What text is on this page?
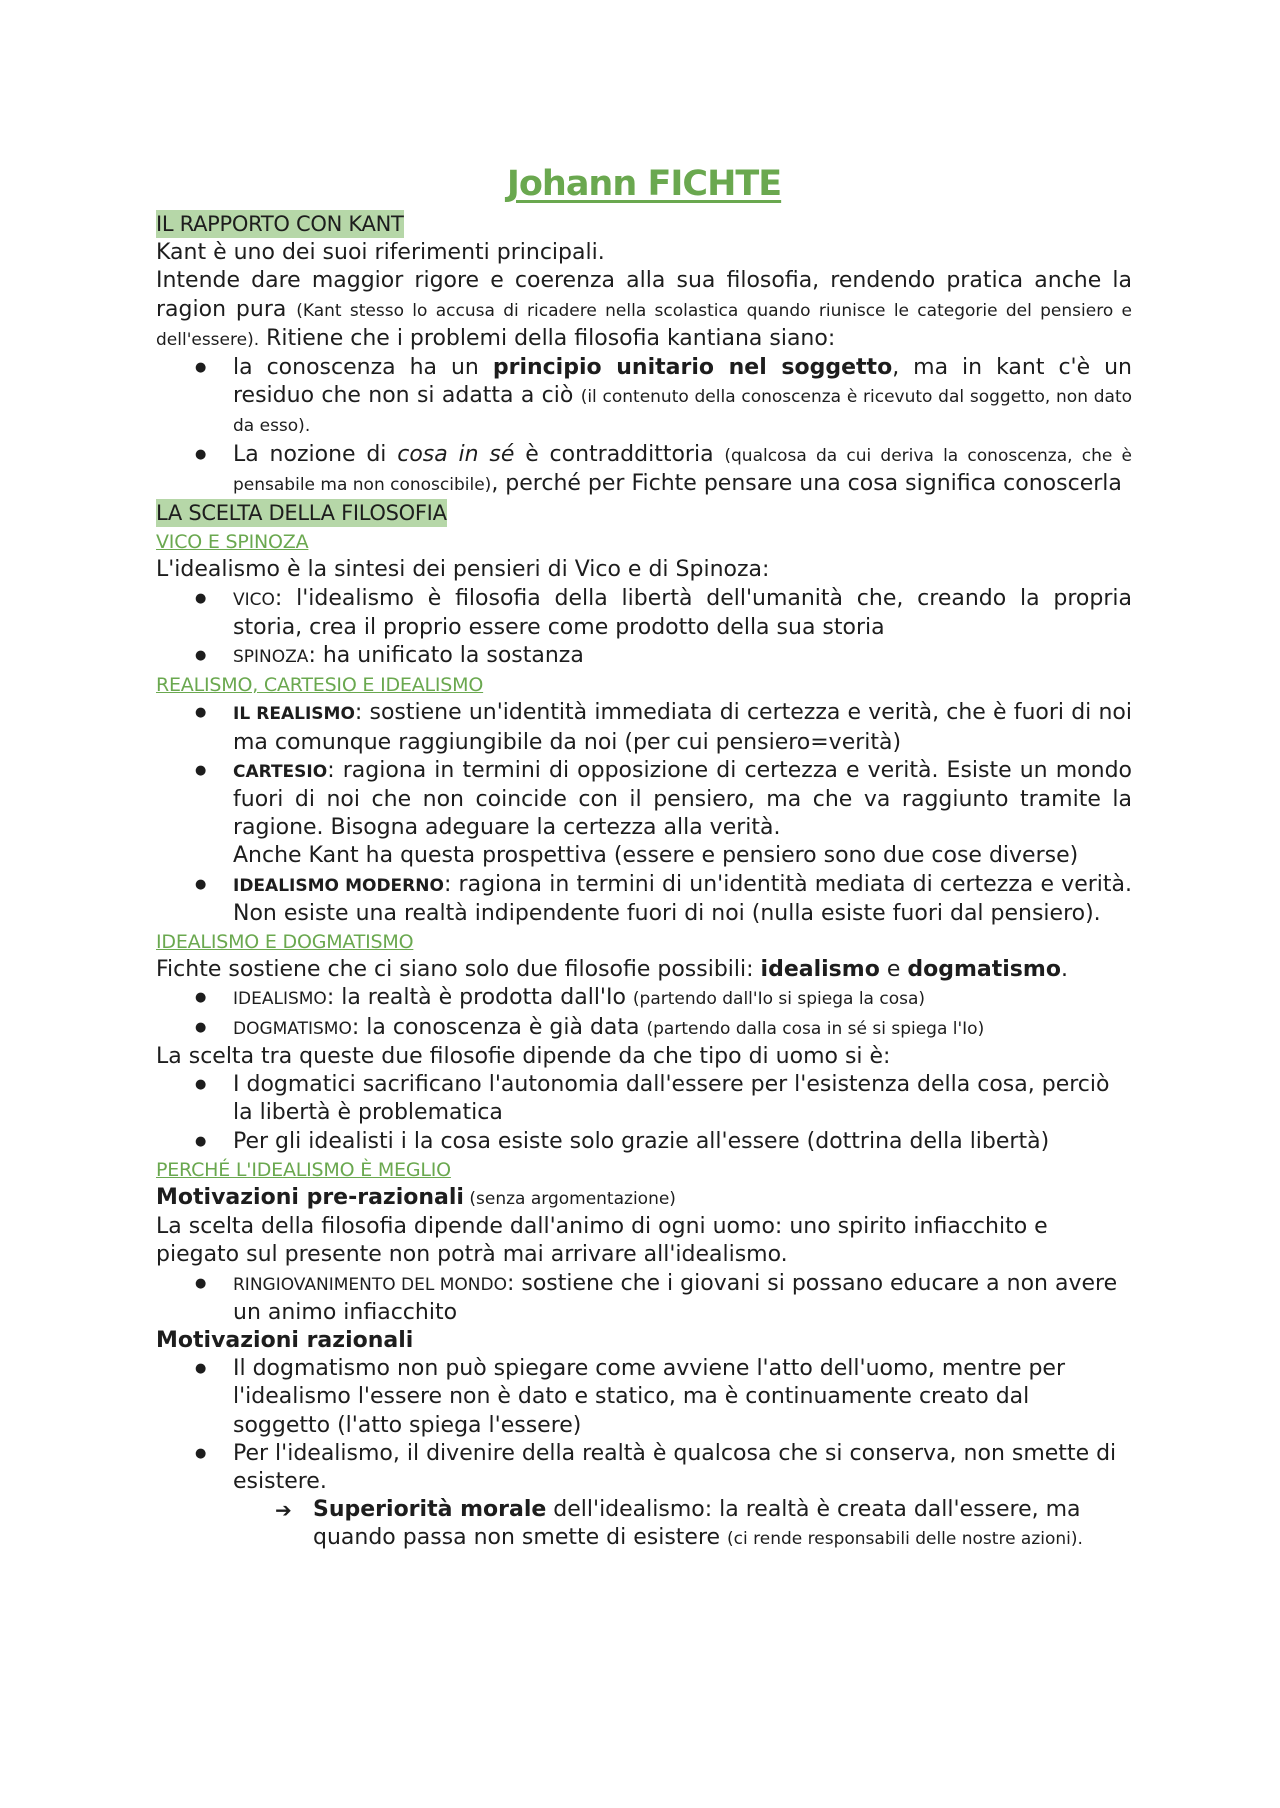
Johann FICHTE
IL RAPPORTO CON KANT

Kant è uno dei suoi riferimenti principali.

Intende dare maggior rigore e coerenza alla sua filosofia, rendendo pratica anche la ragion pura (Kant stesso lo accusa di ricadere nella scolastica quando riunisce le categorie del pensiero e dell'essere). Ritiene che i problemi della filosofia kantiana siano:

● la conoscenza ha un principio unitario nel soggetto, ma in kant c'è un residuo che non si adatta a ciò (il contenuto della conoscenza è ricevuto dal soggetto, non dato da esso).
● La nozione di cosa in sé è contraddittoria (qualcosa da cui deriva la conoscenza, che è pensabile ma non conoscibile), perché per Fichte pensare una cosa significa conoscerla
LA SCELTA DELLA FILOSOFIA
VICO E SPINOZA

L'idealismo è la sintesi dei pensieri di Vico e di Spinoza:

● VICO: l'idealismo è filosofia della libertà dell'umanità che, creando la propria storia, crea il proprio essere come prodotto della sua storia
● SPINOZA: ha unificato la sostanza
REALISMO, CARTESIO E IDEALISMO
● IL REALISMO: sostiene un'identità immediata di certezza e verità, che è fuori di noi ma comunque raggiungibile da noi (per cui pensiero=verità)
● CARTESIO: ragiona in termini di opposizione di certezza e verità. Esiste un mondo fuori di noi che non coincide con il pensiero, ma che va raggiunto tramite la ragione. Bisogna adeguare la certezza alla verità.
Anche Kant ha questa prospettiva (essere e pensiero sono due cose diverse)
● IDEALISMO MODERNO: ragiona in termini di un'identità mediata di certezza e verità. Non esiste una realtà indipendente fuori di noi (nulla esiste fuori dal pensiero).
IDEALISMO E DOGMATISMO

Fichte sostiene che ci siano solo due filosofie possibili: idealismo e dogmatismo.

● IDEALISMO: la realtà è prodotta dall'Io (partendo dall'Io si spiega la cosa)
● DOGMATISMO: la conoscenza è già data (partendo dalla cosa in sé si spiega l'Io)

La scelta tra queste due filosofie dipende da che tipo di uomo si è:

● I dogmatici sacrificano l'autonomia dall'essere per l'esistenza della cosa, perciò la libertà è problematica
● Per gli idealisti i la cosa esiste solo grazie all'essere (dottrina della libertà)
PERCHÉ L'IDEALISMO È MEGLIO

Motivazioni pre-razionali (senza argomentazione)

La scelta della filosofia dipende dall'animo di ogni uomo: uno spirito infiacchito e piegato sul presente non potrà mai arrivare all'idealismo.

● RINGIOVANIMENTO DEL MONDO: sostiene che i giovani si possano educare a non avere un animo infiacchito

Motivazioni razionali

● Il dogmatismo non può spiegare come avviene l'atto dell'uomo, mentre per l'idealismo l'essere non è dato e statico, ma è continuamente creato dal soggetto (l'atto spiega l'essere)
● Per l'idealismo, il divenire della realtà è qualcosa che si conserva, non smette di esistere.
➔ Superiorità morale dell'idealismo: la realtà è creata dall'essere, ma quando passa non smette di esistere (ci rende responsabili delle nostre azioni).
